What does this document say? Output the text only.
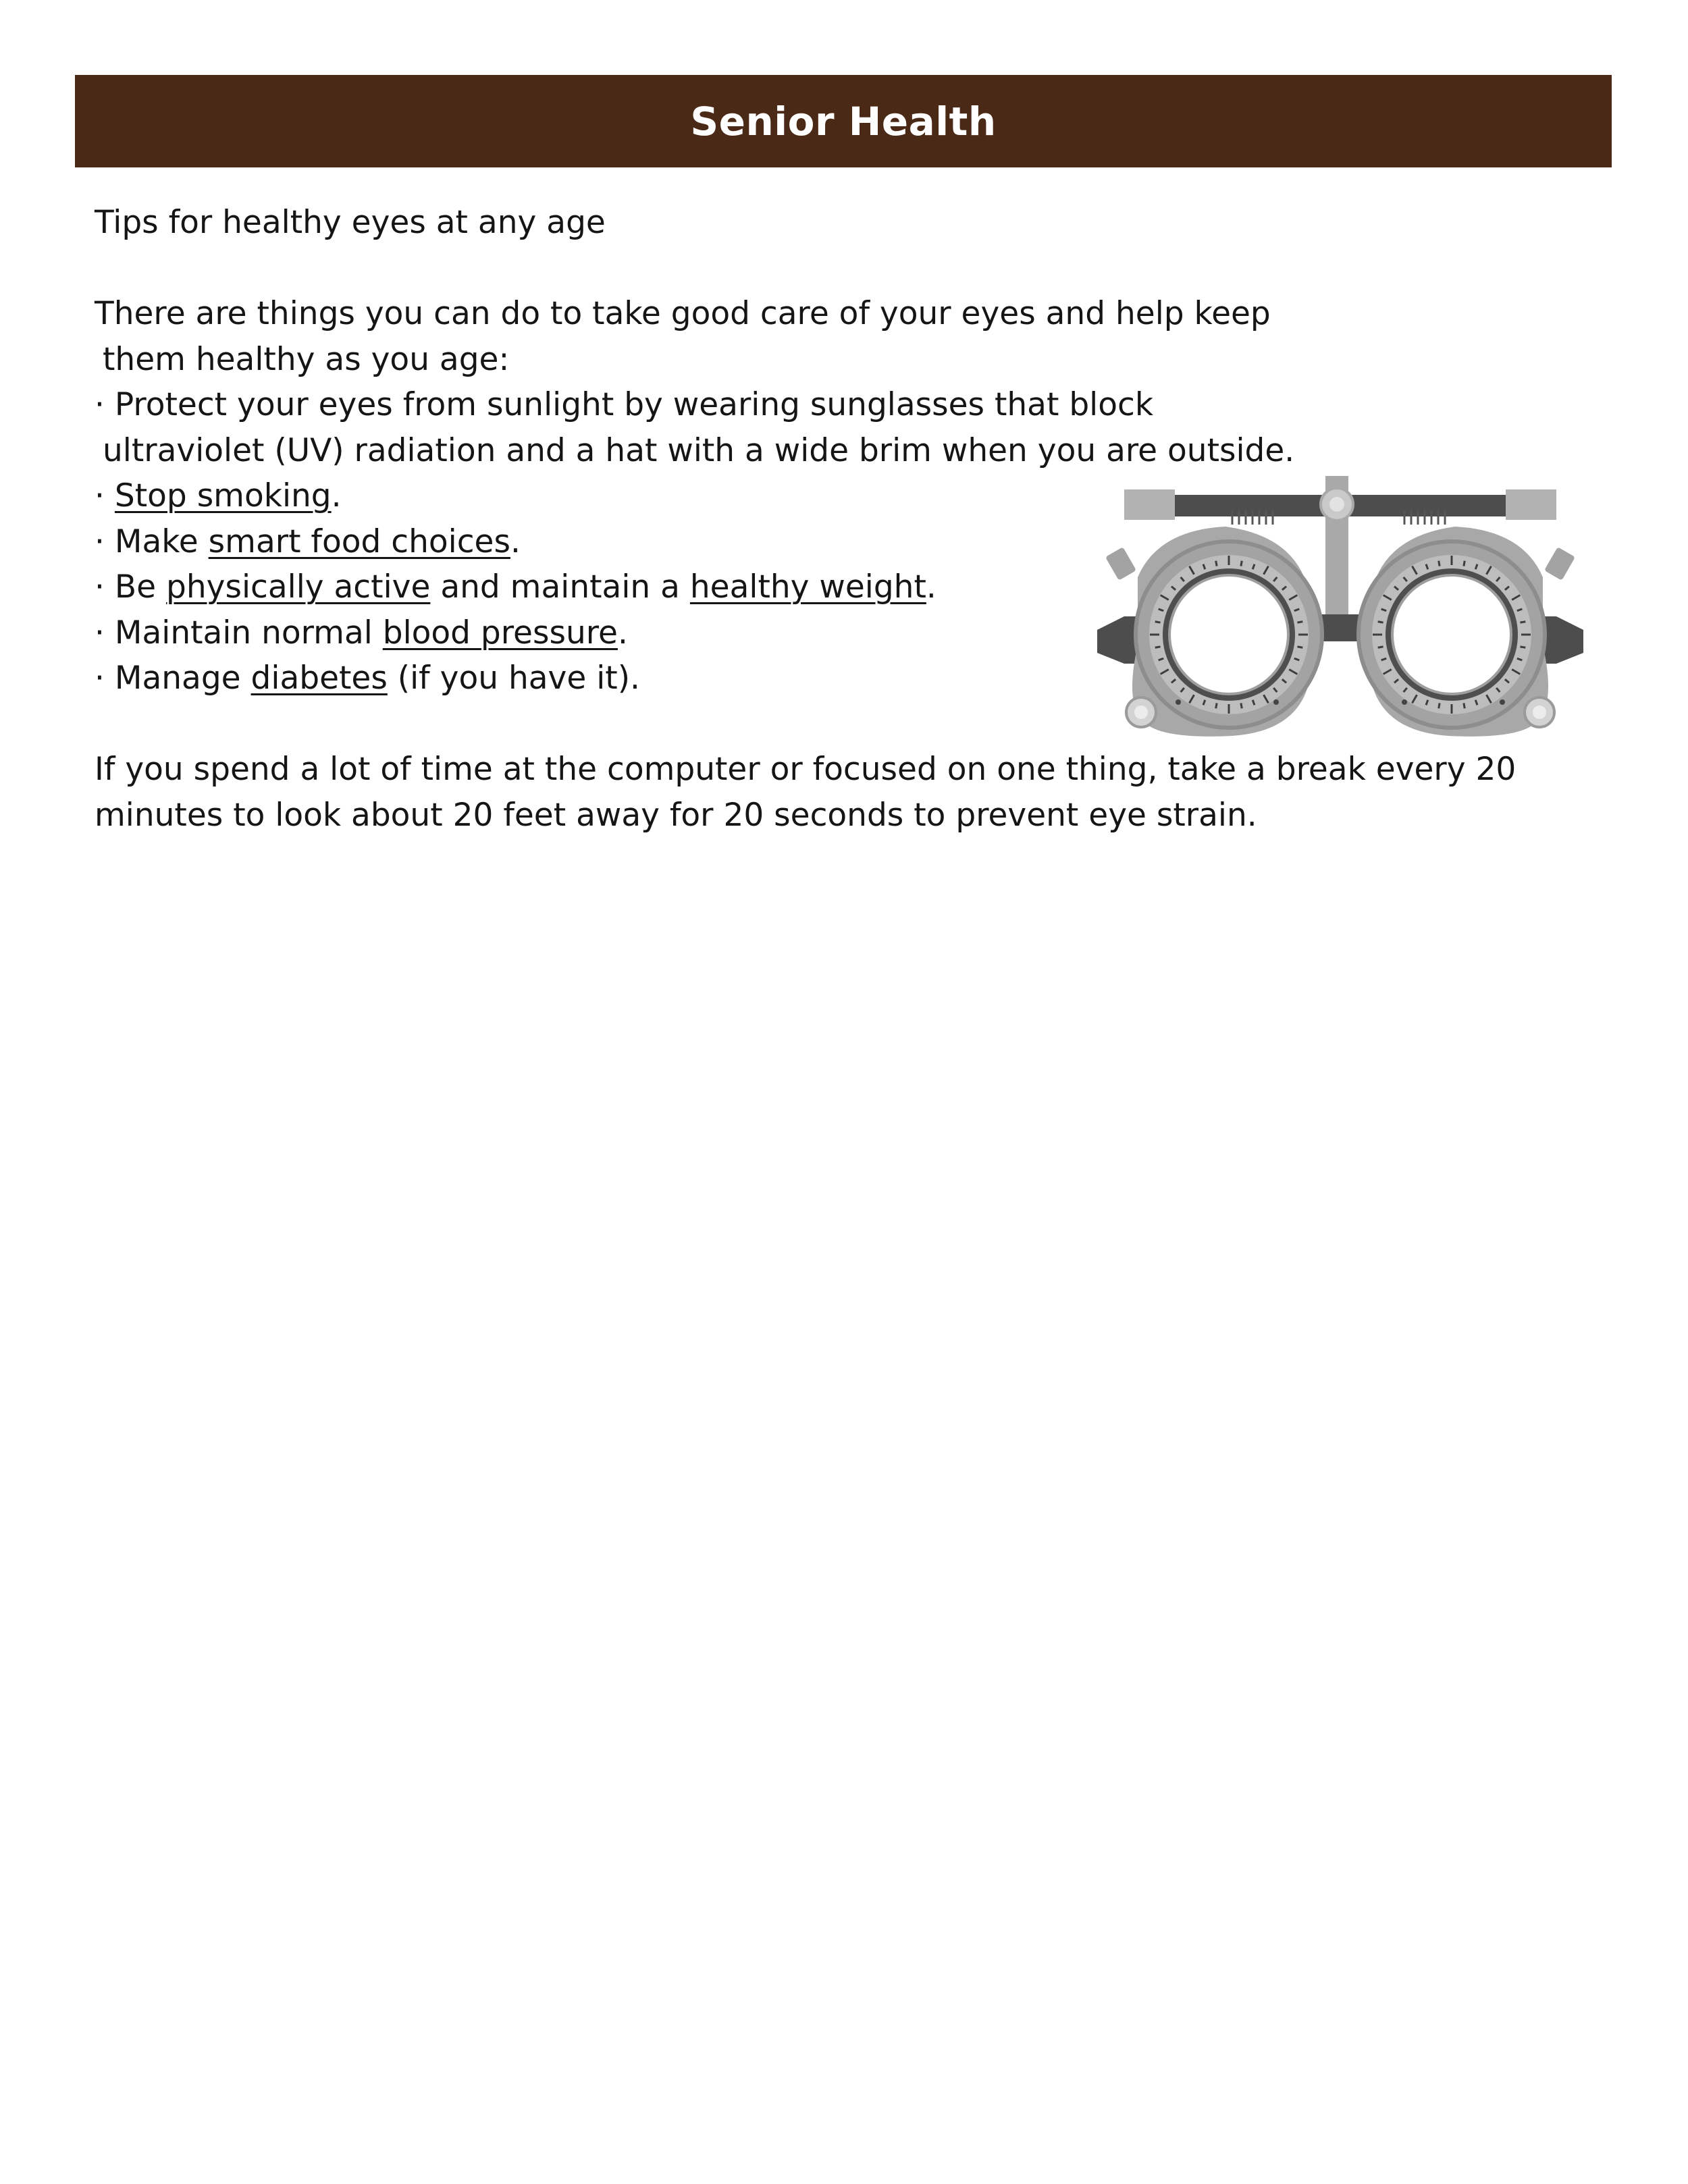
Senior Health
Tips for healthy eyes at any age
There are things you can do to take good care of your eyes and help keep
them healthy as you age:
· Protect your eyes from sunlight by wearing sunglasses that block
ultraviolet (UV) radiation and a hat with a wide brim when you are outside.
· Stop smoking.
· Make smart food choices.
· Be physically active and maintain a healthy weight.
· Maintain normal blood pressure.
· Manage diabetes (if you have it).
If you spend a lot of time at the computer or focused on one thing, take a break every 20 minutes to look about 20 feet away for 20 seconds to prevent eye strain.
